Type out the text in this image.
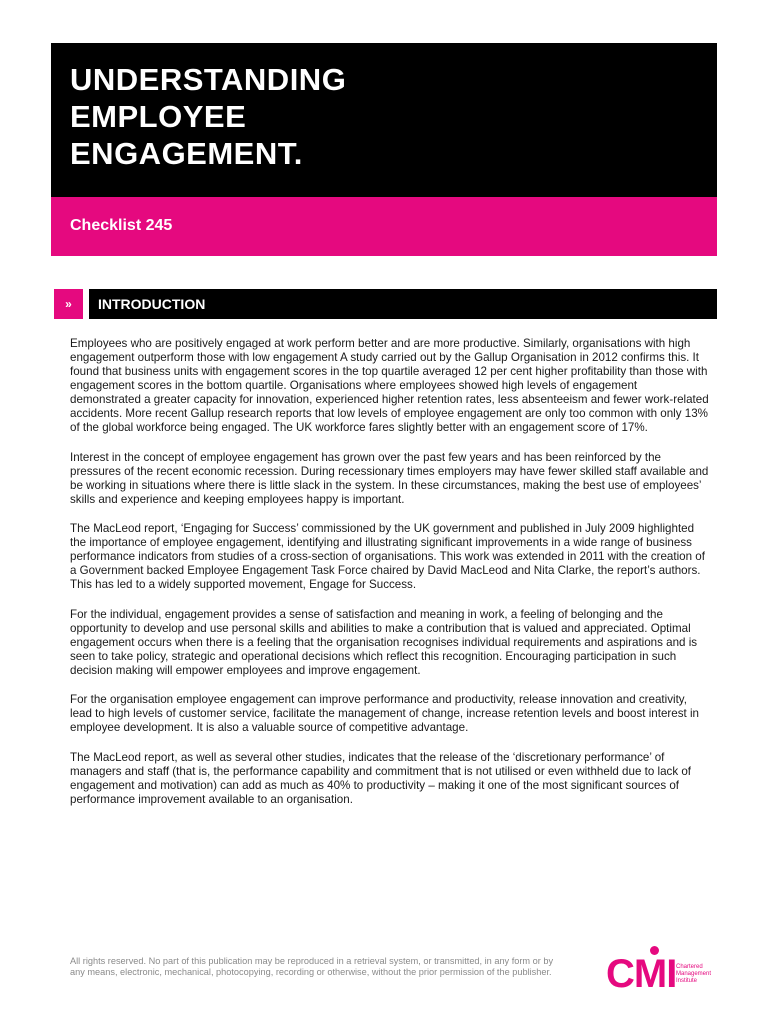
UNDERSTANDING
EMPLOYEE
ENGAGEMENT.
Checklist 245
»	INTRODUCTION

Employees who are positively engaged at work perform better and are more productive. Similarly, organisations with high engagement outperform those with low engagement A study carried out by the Gallup Organisation in 2012 confirms this. It found that business units with engagement scores in the top quartile averaged 12 per cent higher profitability than those with engagement scores in the bottom quartile. Organisations where employees showed high levels of engagement demonstrated a greater capacity for innovation, experienced higher retention rates, less absenteeism and fewer work-related accidents. More recent Gallup research reports that low levels of employee engagement are only too common with only 13% of the global workforce being engaged. The UK workforce fares slightly better with an engagement score of 17%.

Interest in the concept of employee engagement has grown over the past few years and has been reinforced by the pressures of the recent economic recession. During recessionary times employers may have fewer skilled staff available and be working in situations where there is little slack in the system. In these circumstances, making the best use of employees’ skills and experience and keeping employees happy is important.

The MacLeod report, ‘Engaging for Success’ commissioned by the UK government and published in July 2009 highlighted the importance of employee engagement, identifying and illustrating significant improvements in a wide range of business performance indicators from studies of a cross-section of organisations. This work was extended in 2011 with the creation of a Government backed Employee Engagement Task Force chaired by David MacLeod and Nita Clarke, the report’s authors. This has led to a widely supported movement, Engage for Success.

For the individual, engagement provides a sense of satisfaction and meaning in work, a feeling of belonging and the opportunity to develop and use personal skills and abilities to make a contribution that is valued and appreciated. Optimal engagement occurs when there is a feeling that the organisation recognises individual requirements and aspirations and is seen to take policy, strategic and operational decisions which reflect this recognition. Encouraging participation in such decision making will empower employees and improve engagement.

For the organisation employee engagement can improve performance and productivity, release innovation and creativity, lead to high levels of customer service, facilitate the management of change, increase retention levels and boost interest in employee development. It is also a valuable source of competitive advantage.

The MacLeod report, as well as several other studies, indicates that the release of the ‘discretionary performance’ of managers and staff (that is, the performance capability and commitment that is not utilised or even withheld due to lack of engagement and motivation) can add as much as 40% to productivity – making it one of the most significant sources of performance improvement available to an organisation.

All rights reserved. No part of this publication may be reproduced in a retrieval system, or transmitted, in any form or by any means, electronic, mechanical, photocopying, recording or otherwise, without the prior permission of the publisher. CMI Chartered
Management
Institute
